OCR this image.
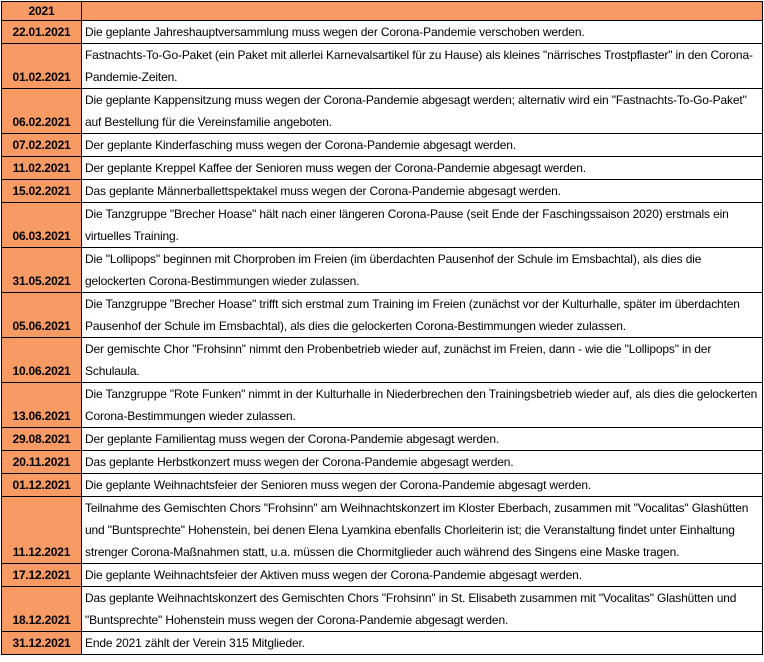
2021	
22.01.2021	Die geplante Jahreshauptversammlung muss wegen der Corona-Pandemie verschoben werden.
01.02.2021	Fastnachts-To-Go-Paket (ein Paket mit allerlei Karnevalsartikel für zu Hause) als kleines "närrisches Trostpflaster" in den Corona-Pandemie-Zeiten.
06.02.2021	Die geplante Kappensitzung muss wegen der Corona-Pandemie abgesagt werden; alternativ wird ein "Fastnachts-To-Go-Paket" auf Bestellung für die Vereinsfamilie angeboten.
07.02.2021	Der geplante Kinderfasching muss wegen der Corona-Pandemie abgesagt werden.
11.02.2021	Der geplante Kreppel Kaffee der Senioren muss wegen der Corona-Pandemie abgesagt werden.
15.02.2021	Das geplante Männerballettspektakel muss wegen der Corona-Pandemie abgesagt werden.
06.03.2021	Die Tanzgruppe "Brecher Hoase" hält nach einer längeren Corona-Pause (seit Ende der Faschingssaison 2020) erstmals ein virtuelles Training.
31.05.2021	Die "Lollipops" beginnen mit Chorproben im Freien (im überdachten Pausenhof der Schule im Emsbachtal), als dies die gelockerten Corona-Bestimmungen wieder zulassen.
05.06.2021	Die Tanzgruppe "Brecher Hoase" trifft sich erstmal zum Training im Freien (zunächst vor der Kulturhalle, später im überdachten Pausenhof der Schule im Emsbachtal), als dies die gelockerten Corona-Bestimmungen wieder zulassen.
10.06.2021	Der gemischte Chor "Frohsinn" nimmt den Probenbetrieb wieder auf, zunächst im Freien, dann - wie die "Lollipops" in der Schulaula.
13.06.2021	Die Tanzgruppe "Rote Funken" nimmt in der Kulturhalle in Niederbrechen den Trainingsbetrieb wieder auf, als dies die gelockerten Corona-Bestimmungen wieder zulassen.
29.08.2021	Der geplante Familientag muss wegen der Corona-Pandemie abgesagt werden.
20.11.2021	Das geplante Herbstkonzert muss wegen der Corona-Pandemie abgesagt werden.
01.12.2021	Die geplante Weihnachtsfeier der Senioren muss wegen der Corona-Pandemie abgesagt werden.
11.12.2021	Teilnahme des Gemischten Chors "Frohsinn" am Weihnachtskonzert im Kloster Eberbach, zusammen mit "Vocalitas" Glashütten und "Buntsprechte" Hohenstein, bei denen Elena Lyamkina ebenfalls Chorleiterin ist; die Veranstaltung findet unter Einhaltung strenger Corona-Maßnahmen statt, u.a. müssen die Chormitglieder auch während des Singens eine Maske tragen.
17.12.2021	Die geplante Weihnachtsfeier der Aktiven muss wegen der Corona-Pandemie abgesagt werden.
18.12.2021	Das geplante Weihnachtskonzert des Gemischten Chors "Frohsinn" in St. Elisabeth zusammen mit "Vocalitas" Glashütten und "Buntsprechte" Hohenstein muss wegen der Corona-Pandemie abgesagt werden.
31.12.2021	Ende 2021 zählt der Verein 315 Mitglieder.
